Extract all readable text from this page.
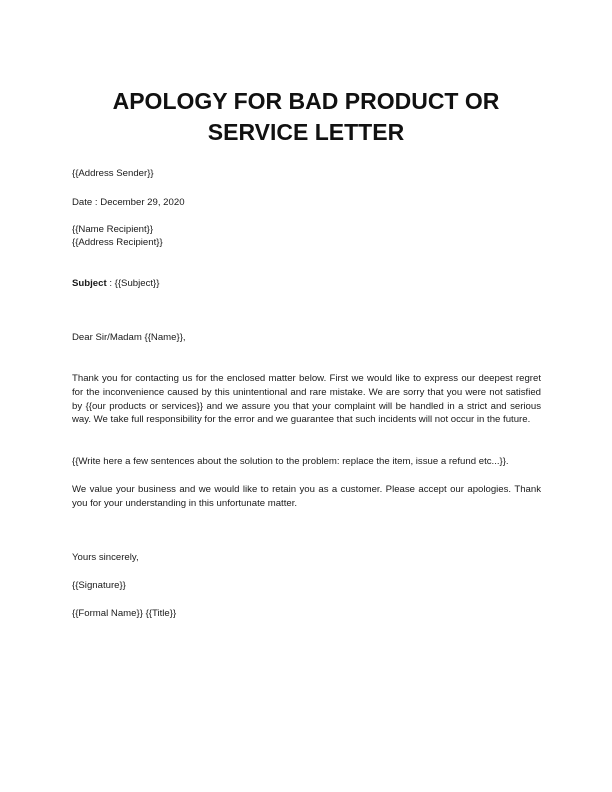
APOLOGY FOR BAD PRODUCT OR SERVICE LETTER

{{Address Sender}}

Date : December 29, 2020

{{Name Recipient}}

{{Address Recipient}}

Subject : {{Subject}}

Dear Sir/Madam {{Name}},

Thank you for contacting us for the enclosed matter below. First we would like to express our deepest regret for the inconvenience caused by this unintentional and rare mistake. We are sorry that you were not satisfied by {{our products or services}} and we assure you that your complaint will be handled in a strict and serious way. We take full responsibility for the error and we guarantee that such incidents will not occur in the future.

{{Write here a few sentences about the solution to the problem: replace the item, issue a refund etc...}}.

We value your business and we would like to retain you as a customer. Please accept our apologies. Thank you for your understanding in this unfortunate matter.

Yours sincerely,

{{Signature}}

{{Formal Name}} {{Title}}
